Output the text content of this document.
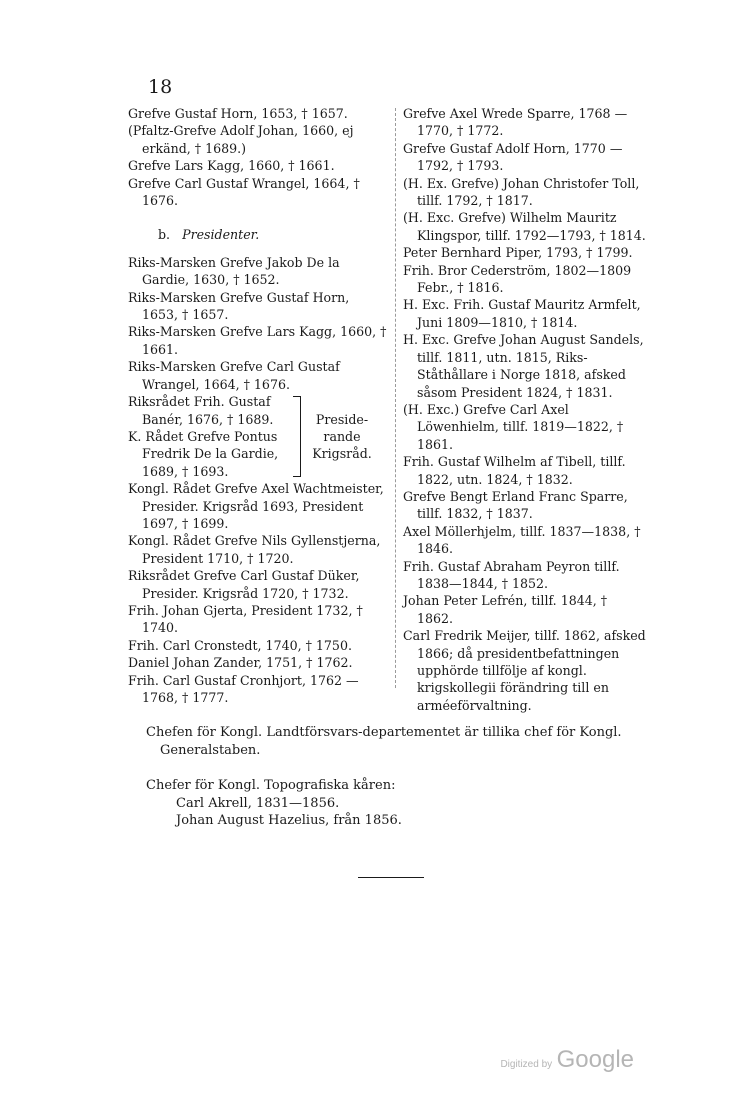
18
Grefve Gustaf Horn, 1653, † 1657.
(Pfaltz-Grefve Adolf Johan, 1660, ej erkänd, † 1689.)
Grefve Lars Kagg, 1660, † 1661.
Grefve Carl Gustaf Wrangel, 1664, † 1676.
b. Presidenter.
Riks-Marsken Grefve Jakob De la Gardie, 1630, † 1652.
Riks-Marsken Grefve Gustaf Horn, 1653, † 1657.
Riks-Marsken Grefve Lars Kagg, 1660, † 1661.
Riks-Marsken Grefve Carl Gustaf Wrangel, 1664, † 1676.
Riksrådet Frih. Gustaf Banér, 1676, † 1689.
K. Rådet Grefve Pontus Fredrik De la Gardie, 1689, † 1693.
Preside-
rande
Krigsråd.
Kongl. Rådet Grefve Axel Wachtmeister, Presider. Krigsråd 1693, President 1697, † 1699.
Kongl. Rådet Grefve Nils Gyllenstjerna, President 1710, † 1720.
Riksrådet Grefve Carl Gustaf Düker, Presider. Krigsråd 1720, † 1732.
Frih. Johan Gjerta, President 1732, † 1740.
Frih. Carl Cronstedt, 1740, † 1750.
Daniel Johan Zander, 1751, † 1762.
Frih. Carl Gustaf Cronhjort, 1762 —1768, † 1777.
Grefve Axel Wrede Sparre, 1768 —1770, † 1772.
Grefve Gustaf Adolf Horn, 1770 —1792, † 1793.
(H. Ex. Grefve) Johan Christofer Toll, tillf. 1792, † 1817.
(H. Exc. Grefve) Wilhelm Mauritz Klingspor, tillf. 1792—1793, † 1814.
Peter Bernhard Piper, 1793, † 1799.
Frih. Bror Cederström, 1802—1809 Febr., † 1816.
H. Exc. Frih. Gustaf Mauritz Armfelt, Juni 1809—1810, † 1814.
H. Exc. Grefve Johan August Sandels, tillf. 1811, utn. 1815, Riks-Ståthållare i Norge 1818, afsked såsom President 1824, † 1831.
(H. Exc.) Grefve Carl Axel Löwenhielm, tillf. 1819—1822, † 1861.
Frih. Gustaf Wilhelm af Tibell, tillf. 1822, utn. 1824, † 1832.
Grefve Bengt Erland Franc Sparre, tillf. 1832, † 1837.
Axel Möllerhjelm, tillf. 1837—1838, † 1846.
Frih. Gustaf Abraham Peyron tillf. 1838—1844, † 1852.
Johan Peter Lefrén, tillf. 1844, † 1862.
Carl Fredrik Meijer, tillf. 1862, afsked 1866; då presidentbefattningen upphörde tillfölje af kongl. krigskollegii förändring till en arméeförvaltning.
Chefen för Kongl. Landtförsvars-departementet är tillika chef för Kongl.
Generalstaben.
Chefer för Kongl. Topografiska kåren:
Carl Akrell, 1831—1856.
Johan August Hazelius, från 1856.
Digitized by Google
